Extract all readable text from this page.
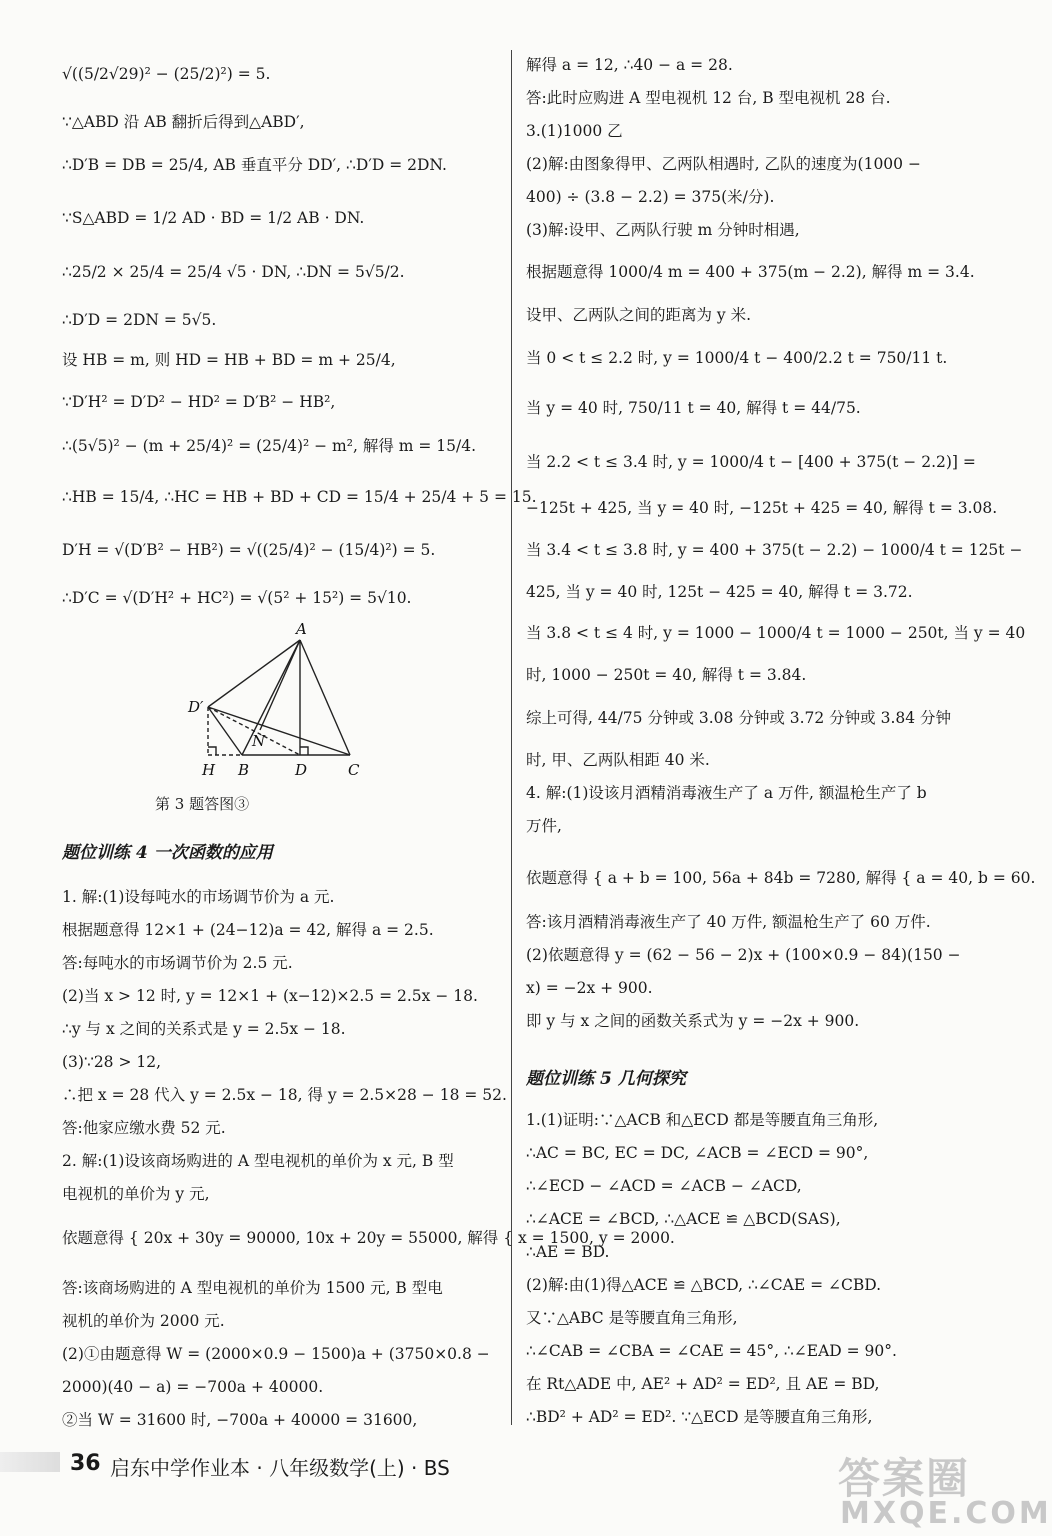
√((5/2√29)² − (25/2)²) = 5.
∵△ABD 沿 AB 翻折后得到△ABD′,
∴D′B = DB = 25/4, AB 垂直平分 DD′, ∴D′D = 2DN.
∵S△ABD = 1/2 AD · BD = 1/2 AB · DN.
∴25/2 × 25/4 = 25/4 √5 · DN, ∴DN = 5√5/2.
∴D′D = 2DN = 5√5.
设 HB = m, 则 HD = HB + BD = m + 25/4,
∵D′H² = D′D² − HD² = D′B² − HB²,
∴(5√5)² − (m + 25/4)² = (25/4)² − m², 解得 m = 15/4.
∴HB = 15/4, ∴HC = HB + BD + CD = 15/4 + 25/4 + 5 = 15.
D′H = √(D′B² − HB²) = √((25/4)² − (15/4)²) = 5.
∴D′C = √(D′H² + HC²) = √(5² + 15²) = 5√10.
1. 解:(1)设每吨水的市场调节价为 a 元.
根据题意得 12×1 + (24−12)a = 42, 解得 a = 2.5.
答:每吨水的市场调节价为 2.5 元.
(2)当 x > 12 时, y = 12×1 + (x−12)×2.5 = 2.5x − 18.
∴y 与 x 之间的关系式是 y = 2.5x − 18.
(3)∵28 > 12,
∴把 x = 28 代入 y = 2.5x − 18, 得 y = 2.5×28 − 18 = 52.
答:他家应缴水费 52 元.
2. 解:(1)设该商场购进的 A 型电视机的单价为 x 元, B 型
电视机的单价为 y 元,
依题意得 { 20x + 30y = 90000, 10x + 20y = 55000, 解得 { x = 1500, y = 2000.
答:该商场购进的 A 型电视机的单价为 1500 元, B 型电
视机的单价为 2000 元.
(2)①由题意得 W = (2000×0.9 − 1500)a + (3750×0.8 −
2000)(40 − a) = −700a + 40000.
②当 W = 31600 时, −700a + 40000 = 31600,
解得 a = 12, ∴40 − a = 28.
答:此时应购进 A 型电视机 12 台, B 型电视机 28 台.
3.(1)1000 乙
(2)解:由图象得甲、乙两队相遇时, 乙队的速度为(1000 −
400) ÷ (3.8 − 2.2) = 375(米/分).
(3)解:设甲、乙两队行驶 m 分钟时相遇,
根据题意得 1000/4 m = 400 + 375(m − 2.2), 解得 m = 3.4.
设甲、乙两队之间的距离为 y 米.
当 0 < t ≤ 2.2 时, y = 1000/4 t − 400/2.2 t = 750/11 t.
当 y = 40 时, 750/11 t = 40, 解得 t = 44/75.
当 2.2 < t ≤ 3.4 时, y = 1000/4 t − [400 + 375(t − 2.2)] =
−125t + 425, 当 y = 40 时, −125t + 425 = 40, 解得 t = 3.08.
当 3.4 < t ≤ 3.8 时, y = 400 + 375(t − 2.2) − 1000/4 t = 125t −
425, 当 y = 40 时, 125t − 425 = 40, 解得 t = 3.72.
当 3.8 < t ≤ 4 时, y = 1000 − 1000/4 t = 1000 − 250t, 当 y = 40
时, 1000 − 250t = 40, 解得 t = 3.84.
综上可得, 44/75 分钟或 3.08 分钟或 3.72 分钟或 3.84 分钟
时, 甲、乙两队相距 40 米.
4. 解:(1)设该月酒精消毒液生产了 a 万件, 额温枪生产了 b
万件,
依题意得 { a + b = 100, 56a + 84b = 7280, 解得 { a = 40, b = 60.
答:该月酒精消毒液生产了 40 万件, 额温枪生产了 60 万件.
(2)依题意得 y = (62 − 56 − 2)x + (100×0.9 − 84)(150 −
x) = −2x + 900.
即 y 与 x 之间的函数关系式为 y = −2x + 900.
1.(1)证明:∵△ACB 和△ECD 都是等腰直角三角形,
∴AC = BC, EC = DC, ∠ACB = ∠ECD = 90°,
∴∠ECD − ∠ACD = ∠ACB − ∠ACD,
∴∠ACE = ∠BCD, ∴△ACE ≌ △BCD(SAS),
∴AE = BD.
(2)解:由(1)得△ACE ≌ △BCD, ∴∠CAE = ∠CBD.
又∵△ABC 是等腰直角三角形,
∴∠CAB = ∠CBA = ∠CAE = 45°, ∴∠EAD = 90°.
在 Rt△ADE 中, AE² + AD² = ED², 且 AE = BD,
∴BD² + AD² = ED². ∵△ECD 是等腰直角三角形,
A
D′
N
H B	D	C
第 3 题答图③
题位训练 4 一次函数的应用
题位训练 5 几何探究
36 启东中学作业本 · 八年级数学(上) · BS	答案圈
MXQE.COM
